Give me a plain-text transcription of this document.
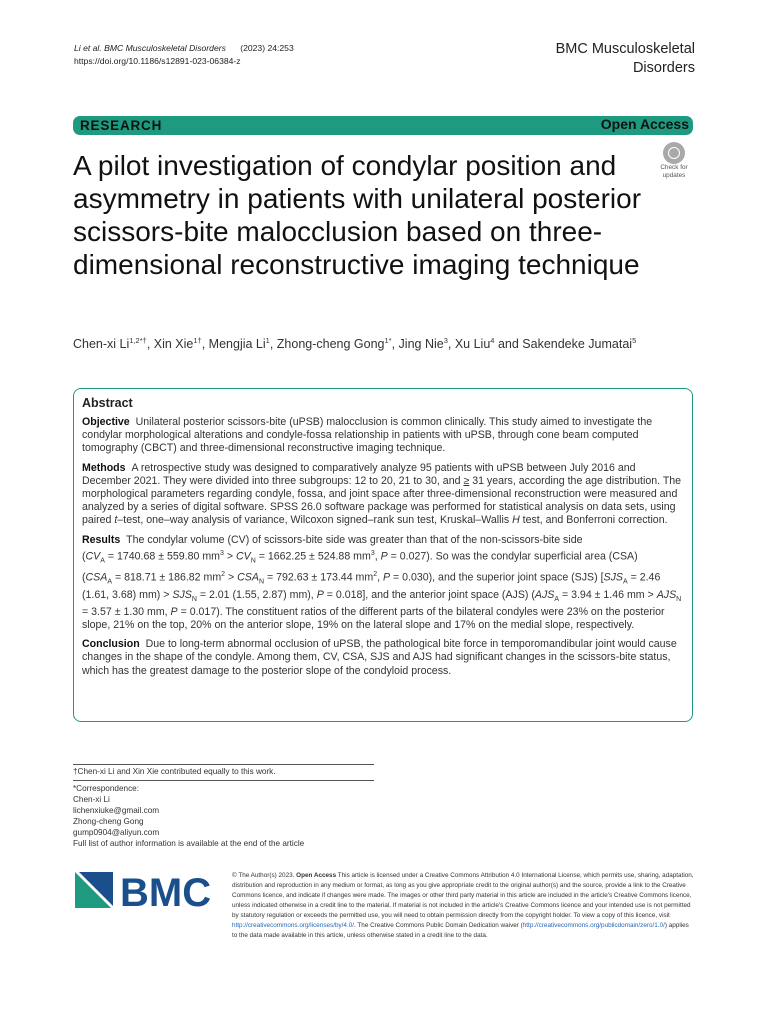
Li et al. BMC Musculoskeletal Disorders (2023) 24:253
https://doi.org/10.1186/s12891-023-06384-z
BMC Musculoskeletal
Disorders
RESEARCH	Open Access
A pilot investigation of condylar position and asymmetry in patients with unilateral posterior scissors-bite malocclusion based on three-dimensional reconstructive imaging technique
Check for
updates
Chen-xi $Li^{1,2*\dagger}$, Xin Xie$^{1\dagger}$, Mengjia Li$^1$, Zhong-cheng Gong$^{1*}$, Jing Nie$^3$, Xu Liu$^4$ and Sakendeke Jumatai$^5$
Abstract

Objective Unilateral posterior scissors-bite (uPSB) malocclusion is common clinically. This study aimed to investigate the condylar morphological alterations and condyle-fossa relationship in patients with uPSB, through cone beam computed tomography (CBCT) and three-dimensional reconstructive imaging technique.

Methods A retrospective study was designed to comparatively analyze 95 patients with uPSB between July 2016 and December 2021. They were divided into three subgroups: 12 to 20, 21 to 30, and ≥ 31 years, according the age distribution. The morphological parameters regarding condyle, fossa, and joint space after three-dimensional reconstruction were measured and analyzed by a series of digital software. SPSS 26.0 software package was performed for statistical analysis on data sets, using paired t–test, one–way analysis of variance, Wilcoxon signed–rank sun test, Kruskal–Wallis H test, and Bonferroni correction.

Results The condylar volume (CV) of scissors-bite side was greater than that of the non-scissors-bite side
($CV_A = 1740.68 \pm 559.80$ $mm^3 > CV_N = 1662.25 \pm 524.88$ $mm^3$, P = 0.027). So was the condylar superficial area (CSA)
($CSA_A = 818.71 \pm 186.82$ $mm^2 > CSA_N = 792.63 \pm 173.44$ $mm^2$, P = 0.030), and the superior joint space (SJS) [$SJS_A = 2.46$ (1.61, 3.68) $mm) > SJS_N = 2.01$ (1.55, 2.87) mm), P = 0.018], and the anterior joint space (AJS) ($AJS_A = 3.94 \pm 1.46$ mm > $AJS_N = 3.57 \pm 1.30$ mm, P = 0.017). The constituent ratios of the different parts of the bilateral condyles were 23% on the posterior slope, 21% on the top, 20% on the anterior slope, 19% on the lateral slope and 17% on the medial slope, respectively.

Conclusion Due to long-term abnormal occlusion of uPSB, the pathological bite force in temporomandibular joint would cause changes in the shape of the condyle. Among them, CV, CSA, SJS and AJS had significant changes in the scissors-bite status, which has the greatest damage to the posterior slope of the condyloid process.

†Chen-xi Li and Xin Xie contributed equally to this work.
*Correspondence:
Chen-xi Li
lichenxiuke@gmail.com
Zhong-cheng Gong
gump0904@aliyun.com
Full list of author information is available at the end of the article
BMC	© The Author(s) 2023. Open Access This article is licensed under a Creative Commons Attribution 4.0 International License, which permits use, sharing, adaptation, distribution and reproduction in any medium or format, as long as you give appropriate credit to the original author(s) and the source, provide a link to the Creative Commons licence, and indicate if changes were made. The images or other third party material in this article are included in the article's Creative Commons licence, unless indicated otherwise in a credit line to the material. If material is not included in the article's Creative Commons licence and your intended use is not permitted by statutory regulation or exceeds the permitted use, you will need to obtain permission directly from the copyright holder. To view a copy of this licence, visit http://creativecommons.org/licenses/by/4.0/. The Creative Commons Public Domain Dedication waiver (http://creativecommons.org/publicdomain/zero/1.0/) applies to the data made available in this article, unless otherwise stated in a credit line to the data.
